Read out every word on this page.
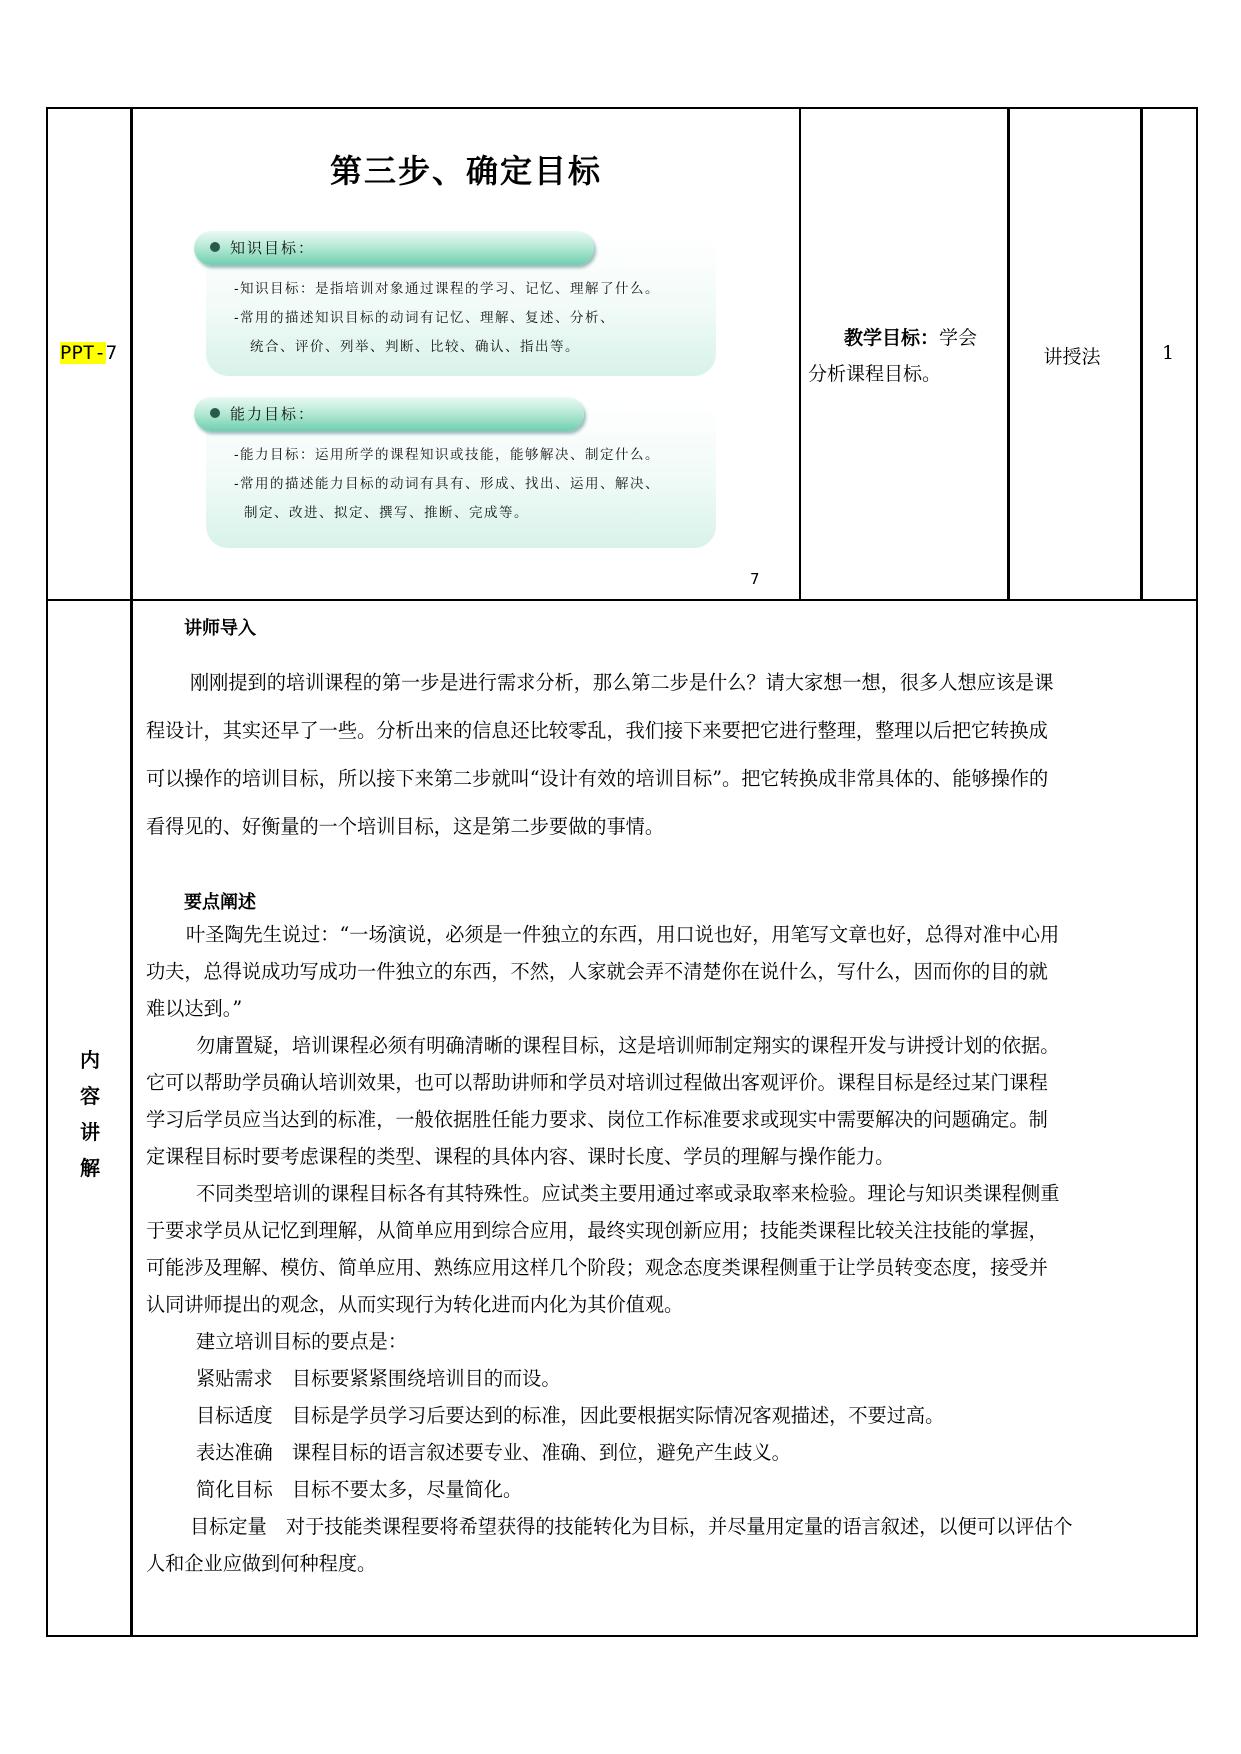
PPT-7
第三步、确定目标
知识目标：
-知识目标：是指培训对象通过课程的学习、记忆、理解了什么。
-常用的描述知识目标的动词有记忆、理解、复述、分析、
统合、评价、列举、判断、比较、确认、指出等。
能力目标：
-能力目标：运用所学的课程知识或技能，能够解决、制定什么。
-常用的描述能力目标的动词有具有、形成、找出、运用、解决、
制定、改进、拟定、撰写、推断、完成等。
7
教学目标：学会分析课程目标。
讲授法	1
内
容
讲
解
讲师导入
刚刚提到的培训课程的第一步是进行需求分析，那么第二步是什么？请大家想一想，很多人想应该是课
程设计，其实还早了一些。分析出来的信息还比较零乱，我们接下来要把它进行整理，整理以后把它转换成
可以操作的培训目标，所以接下来第二步就叫“设计有效的培训目标”。把它转换成非常具体的、能够操作的
看得见的、好衡量的一个培训目标，这是第二步要做的事情。
要点阐述
叶圣陶先生说过：“一场演说，必须是一件独立的东西，用口说也好，用笔写文章也好，总得对准中心用
功夫，总得说成功写成功一件独立的东西，不然，人家就会弄不清楚你在说什么，写什么，因而你的目的就
难以达到。”
勿庸置疑，培训课程必须有明确清晰的课程目标，这是培训师制定翔实的课程开发与讲授计划的依据。
它可以帮助学员确认培训效果，也可以帮助讲师和学员对培训过程做出客观评价。课程目标是经过某门课程
学习后学员应当达到的标准，一般依据胜任能力要求、岗位工作标准要求或现实中需要解决的问题确定。制
定课程目标时要考虑课程的类型、课程的具体内容、课时长度、学员的理解与操作能力。
不同类型培训的课程目标各有其特殊性。应试类主要用通过率或录取率来检验。理论与知识类课程侧重
于要求学员从记忆到理解，从简单应用到综合应用，最终实现创新应用；技能类课程比较关注技能的掌握，
可能涉及理解、模仿、简单应用、熟练应用这样几个阶段；观念态度类课程侧重于让学员转变态度，接受并
认同讲师提出的观念，从而实现行为转化进而内化为其价值观。
建立培训目标的要点是：
紧贴需求　目标要紧紧围绕培训目的而设。
目标适度　目标是学员学习后要达到的标准，因此要根据实际情况客观描述，不要过高。
表达准确　课程目标的语言叙述要专业、准确、到位，避免产生歧义。
简化目标　目标不要太多，尽量简化。
目标定量　对于技能类课程要将希望获得的技能转化为目标，并尽量用定量的语言叙述，以便可以评估个
人和企业应做到何种程度。
